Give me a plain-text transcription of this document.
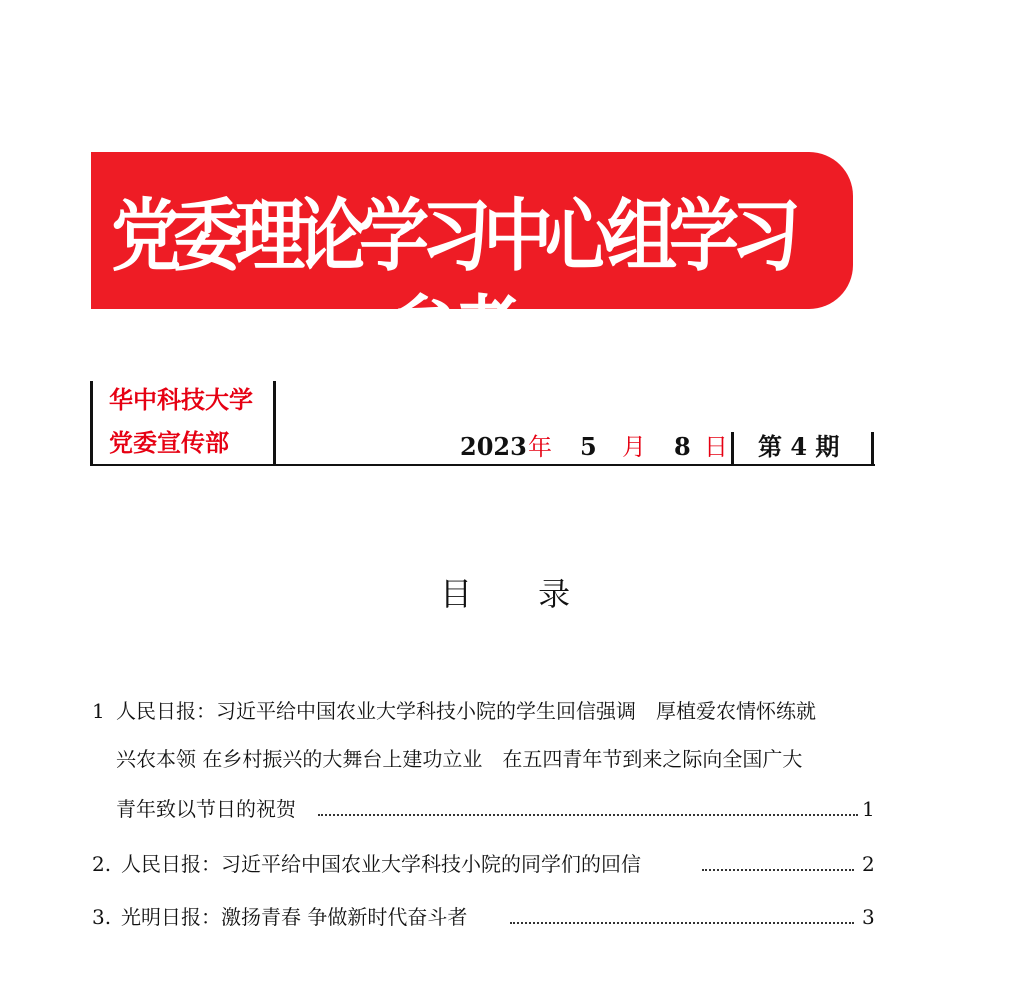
党委理论学习中心组学习参考
华中科技大学
党委宣传部	2023 年 5 月 8 日 第 4 期
目 录
1 人民日报：习近平给中国农业大学科技小院的学生回信强调　厚植爱农情怀练就
兴农本领 在乡村振兴的大舞台上建功立业　在五四青年节到来之际向全国广大
青年致以节日的祝贺	1
2. 人民日报：习近平给中国农业大学科技小院的同学们的回信	2
3. 光明日报：激扬青春 争做新时代奋斗者	3
